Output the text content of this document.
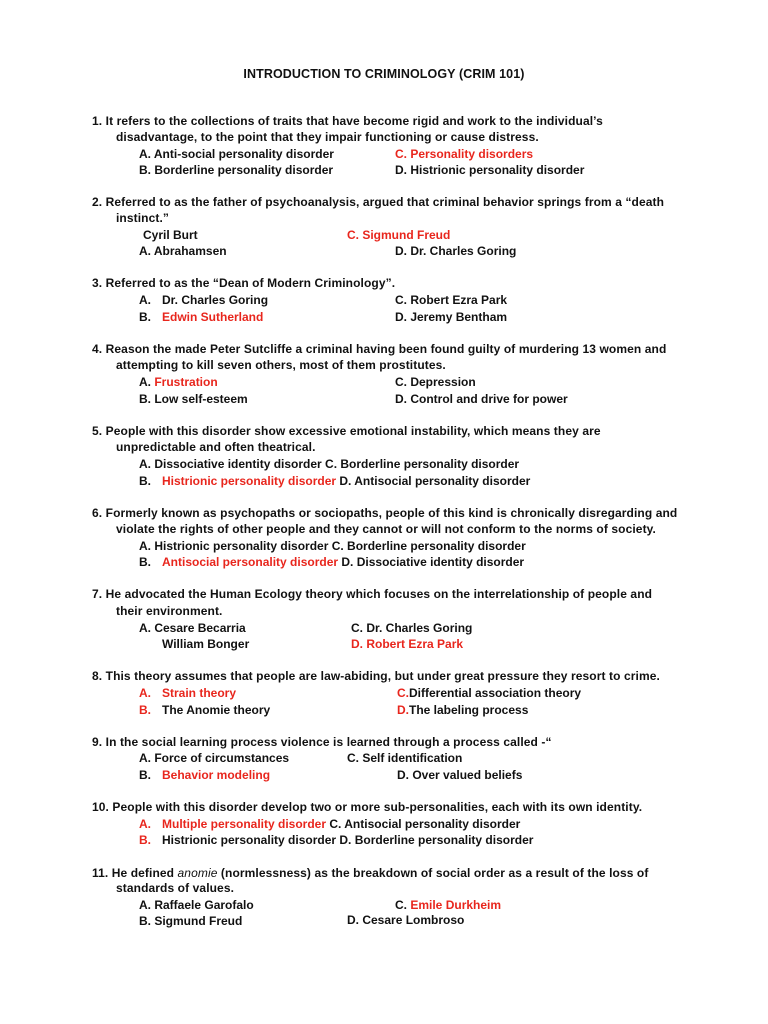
INTRODUCTION TO CRIMINOLOGY (CRIM 101)
1. It refers to the collections of traits that have become rigid and work to the individual’s
disadvantage, to the point that they impair functioning or cause distress.
A. Anti-social personality disorder	C. Personality disorders
B. Borderline personality disorder	D. Histrionic personality disorder
2. Referred to as the father of psychoanalysis, argued that criminal behavior springs from a “death
instinct.”
Cyril Burt	C. Sigmund Freud
A. Abrahamsen	D. Dr. Charles Goring
3. Referred to as the “Dean of Modern Criminology”.
A. Dr. Charles Goring	C. Robert Ezra Park
B. Edwin Sutherland	D. Jeremy Bentham
4. Reason the made Peter Sutcliffe a criminal having been found guilty of murdering 13 women and
attempting to kill seven others, most of them prostitutes.
A. Frustration	C. Depression
B. Low self-esteem	D. Control and drive for power
5. People with this disorder show excessive emotional instability, which means they are
unpredictable and often theatrical.
A. Dissociative identity disorder C. Borderline personality disorder
B. Histrionic personality disorder D. Antisocial personality disorder
6. Formerly known as psychopaths or sociopaths, people of this kind is chronically disregarding and
violate the rights of other people and they cannot or will not conform to the norms of society.
A. Histrionic personality disorder C. Borderline personality disorder
B. Antisocial personality disorder D. Dissociative identity disorder
7. He advocated the Human Ecology theory which focuses on the interrelationship of people and
their environment.
A. Cesare Becarria	C. Dr. Charles Goring
William Bonger	D. Robert Ezra Park
8. This theory assumes that people are law-abiding, but under great pressure they resort to crime.
A. Strain theory	C.Differential association theory
B. The Anomie theory	D.The labeling process
9. In the social learning process violence is learned through a process called -“
A. Force of circumstances	C. Self identification
B. Behavior modeling	D. Over valued beliefs
10. People with this disorder develop two or more sub-personalities, each with its own identity.
A. Multiple personality disorder C. Antisocial personality disorder
B. Histrionic personality disorder D. Borderline personality disorder
11. He defined anomie (normlessness) as the breakdown of social order as a result of the loss of
standards of values.
A. Raffaele Garofalo	C. Emile Durkheim
B. Sigmund Freud	D. Cesare Lombroso
